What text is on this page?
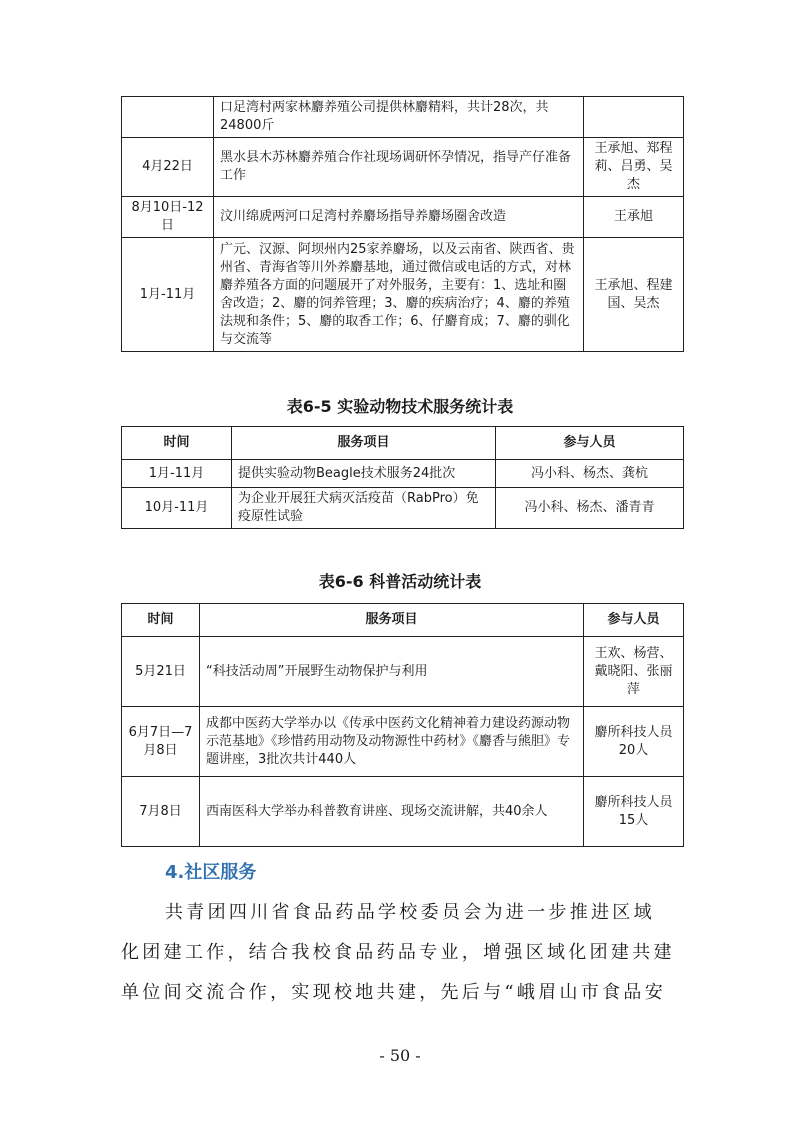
	口足湾村两家林麝养殖公司提供林麝精料，共计28次，共24800斤	
4月22日	黑水县木苏林麝养殖合作社现场调研怀孕情况，指导产仔准备工作	王承旭、郑程莉、吕勇、吴杰
8月10日-12日	汶川绵虒两河口足湾村养麝场指导养麝场圈舍改造	王承旭
1月-11月	广元、汉源、阿坝州内25家养麝场，以及云南省、陕西省、贵州省、青海省等川外养麝基地，通过微信或电话的方式，对林麝养殖各方面的问题展开了对外服务，主要有：1、选址和圈舍改造；2、麝的饲养管理；3、麝的疾病治疗；4、麝的养殖法规和条件；5、麝的取香工作；6、仔麝育成；7、麝的驯化与交流等	王承旭、程建国、吴杰
表6-5 实验动物技术服务统计表
时间	服务项目	参与人员
1月-11月	提供实验动物Beagle技术服务24批次	冯小科、杨杰、龚杭
10月-11月	为企业开展狂犬病灭活疫苗（RabPro）免疫原性试验	冯小科、杨杰、潘青青
表6-6 科普活动统计表
时间	服务项目	参与人员
5月21日	“科技活动周”开展野生动物保护与利用	王欢、杨营、戴晓阳、张丽萍
6月7日—7月8日	成都中医药大学举办以《传承中医药文化精神着力建设药源动物示范基地》《珍惜药用动物及动物源性中药材》《麝香与熊胆》专题讲座，3批次共计440人	麝所科技人员20人
7月8日	西南医科大学举办科普教育讲座、现场交流讲解，共40余人	麝所科技人员15人
4.社区服务
共青团四川省食品药品学校委员会为进一步推进区域
化团建工作，结合我校食品药品专业，增强区域化团建共建
单位间交流合作，实现校地共建，先后与“峨眉山市食品安
- 50 -
